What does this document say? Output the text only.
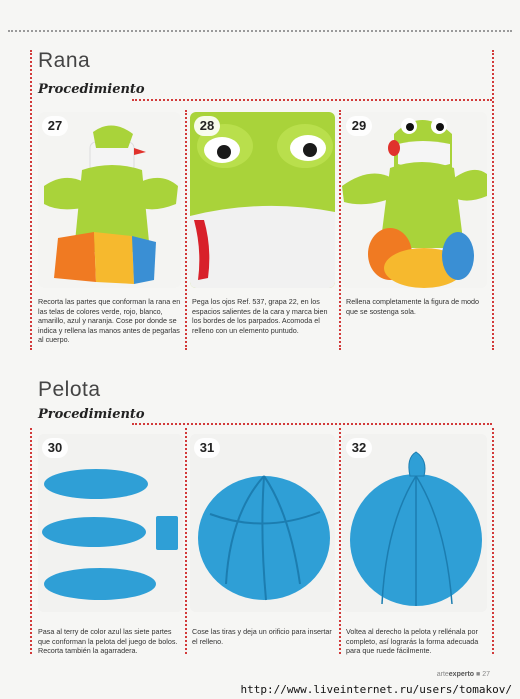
Rana
Procedimiento
27	28	29
Recorta las partes que conforman la rana en las telas de colores verde, rojo, blanco, amarillo, azul y naranja. Cose por donde se indica y rellena las manos antes de pegarlas al cuerpo.
Pega los ojos Ref. 537, grapa 22, en los espacios salientes de la cara y marca bien los bordes de los parpados. Acomoda el relleno con un elemento puntudo.
Rellena completamente la figura de modo que se sostenga sola.
Pelota
Procedimiento
30	31	32
Pasa al terry de color azul las siete partes que conforman la pelota del juego de bolos. Recorta también la agarradera.
Cose las tiras y deja un orificio para insertar el relleno.
Voltea al derecho la pelota y rellénala por completo, así lograrás la forma adecuada para que ruede fácilmente.
arteexperto ■ 27
http://www.liveinternet.ru/users/tomakov/
